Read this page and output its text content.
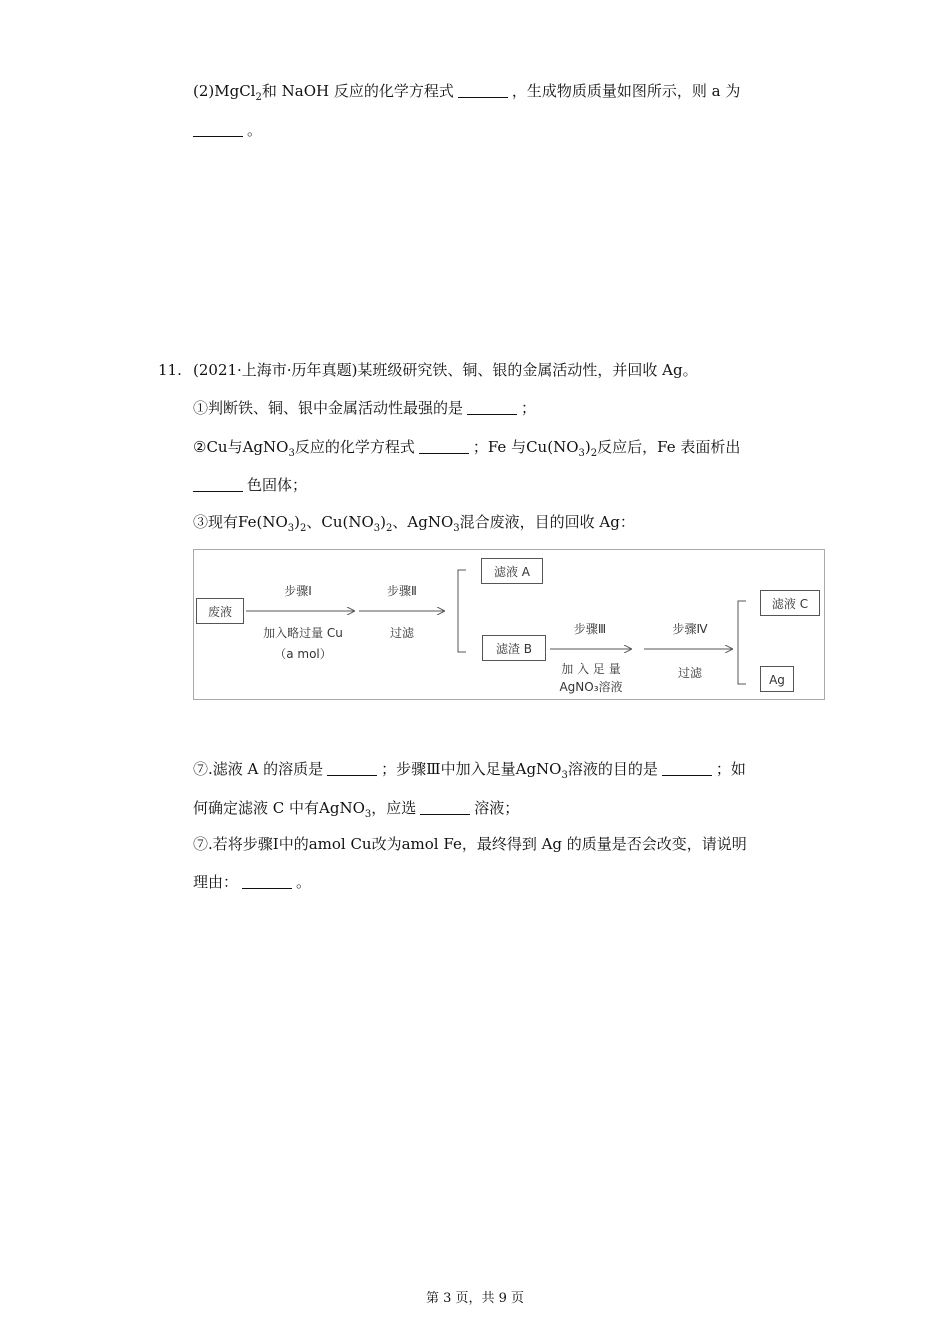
(2)MgCl$_2$和 NaOH 反应的化学方程式	，生成物质质量如图所示，则 a 为
。
11. (2021·上海市·历年真题)某班级研究铁、铜、银的金属活动性，并回收 Ag。
①判断铁、铜、银中金属活动性最强的是	；
②Cu与AgNO$_3$反应的化学方程式	；Fe 与$Cu(NO_3)_2$反应后，Fe 表面析出
色固体；
③现有$Fe(NO_3)_2$、$Cu(NO_3)_2$、AgNO$_3$混合废液，目的回收 Ag：
废液
步骤Ⅰ
加入略过量 Cu
（a mol）
步骤Ⅱ
过滤
滤液 A
滤渣 B
步骤Ⅲ
加 入 足 量
AgNO₃溶液
步骤Ⅳ
过滤
滤液 C
Ag
⑦.滤液 A 的溶质是	；步骤Ⅲ中加入足量AgNO$_3$溶液的目的是	；如
何确定滤液 C 中有AgNO$_3$，应选	溶液；
⑦.若将步骤Ⅰ中的amol Cu改为amol Fe，最终得到 Ag 的质量是否会改变，请说明
理由：	。
第 3 页，共 9 页
